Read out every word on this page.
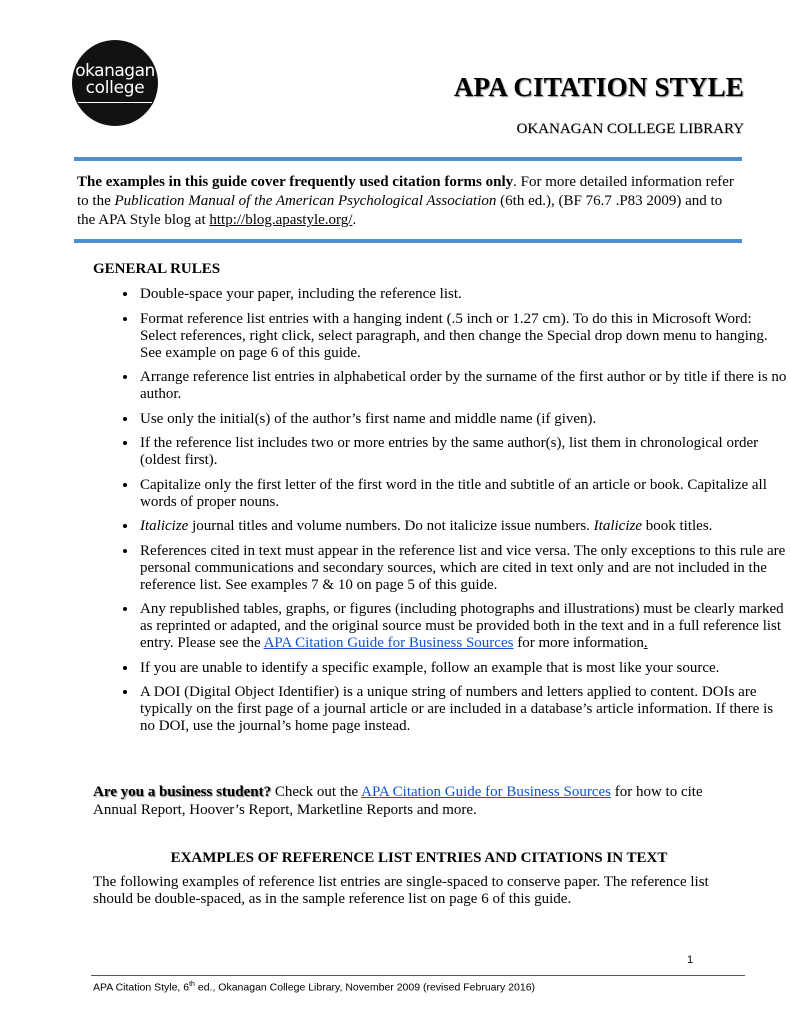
okanagan
college	APA CITATION STYLE
OKANAGAN COLLEGE LIBRARY
The examples in this guide cover frequently used citation forms only. For more detailed information refer to the Publication Manual of the American Psychological Association (6th ed.), (BF 76.7 .P83 2009) and to the APA Style blog at http://blog.apastyle.org/.
GENERAL RULES
• Double-space your paper, including the reference list.
• Format reference list entries with a hanging indent (.5 inch or 1.27 cm). To do this in Microsoft Word: Select references, right click, select paragraph, and then change the Special drop down menu to hanging. See example on page 6 of this guide.
• Arrange reference list entries in alphabetical order by the surname of the first author or by title if there is no author.
• Use only the initial(s) of the author’s first name and middle name (if given).
• If the reference list includes two or more entries by the same author(s), list them in chronological order (oldest first).
• Capitalize only the first letter of the first word in the title and subtitle of an article or book. Capitalize all words of proper nouns.
• Italicize journal titles and volume numbers. Do not italicize issue numbers. Italicize book titles.
• References cited in text must appear in the reference list and vice versa. The only exceptions to this rule are personal communications and secondary sources, which are cited in text only and are not included in the reference list. See examples 7 & 10 on page 5 of this guide.
• Any republished tables, graphs, or figures (including photographs and illustrations) must be clearly marked as reprinted or adapted, and the original source must be provided both in the text and in a full reference list entry. Please see the APA Citation Guide for Business Sources for more information.
• If you are unable to identify a specific example, follow an example that is most like your source.
• A DOI (Digital Object Identifier) is a unique string of numbers and letters applied to content. DOIs are typically on the first page of a journal article or are included in a database’s article information. If there is no DOI, use the journal’s home page instead.
Are you a business student? Check out the APA Citation Guide for Business Sources for how to cite Annual Report, Hoover’s Report, Marketline Reports and more.
EXAMPLES OF REFERENCE LIST ENTRIES AND CITATIONS IN TEXT
The following examples of reference list entries are single-spaced to conserve paper. The reference list should be double-spaced, as in the sample reference list on page 6 of this guide.
1
APA Citation Style, 6th ed., Okanagan College Library, November 2009 (revised February 2016)
